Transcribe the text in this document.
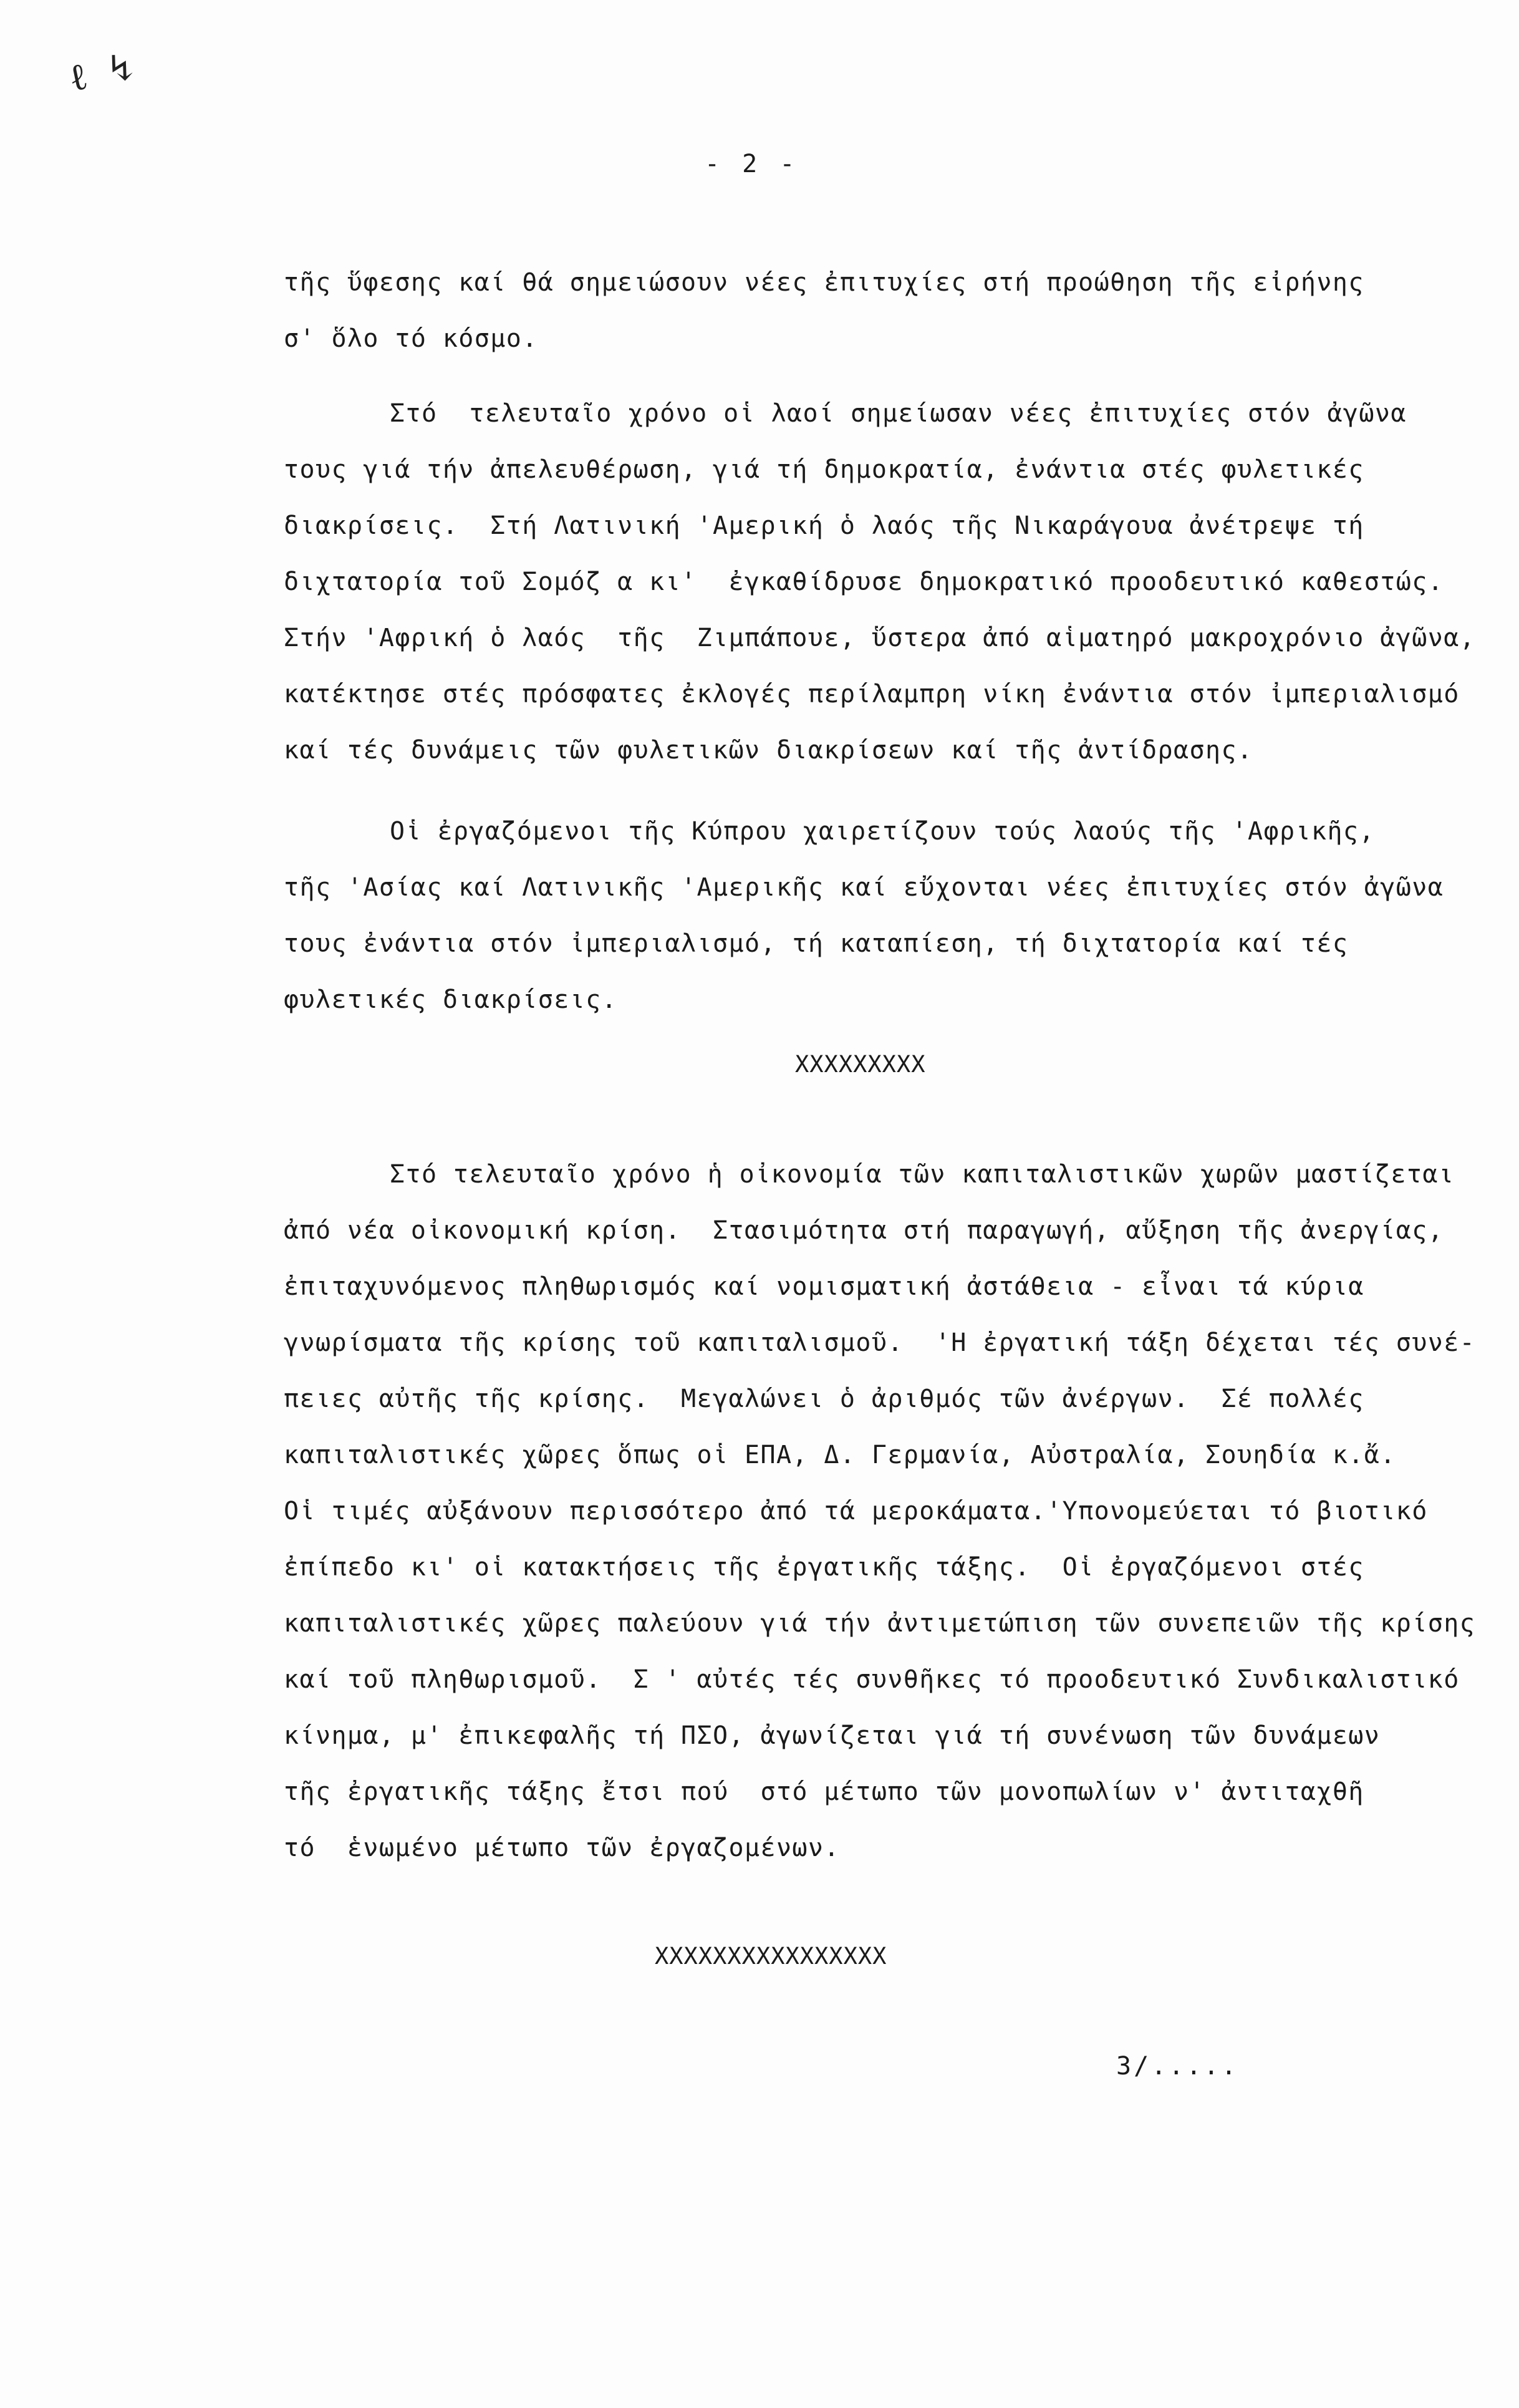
ℓ ↯
- 2 -
τῆς ὕφεσης καί θά σημειώσουν νέες ἐπιτυχίες στή προώθηση τῆς εἰρήνης
σ' ὅλο τό κόσμο.
Στό  τελευταῖο χρόνο οἱ λαοί σημείωσαν νέες ἐπιτυχίες στόν ἀγῶνα
τους γιά τήν ἀπελευθέρωση, γιά τή δημοκρατία, ἐνάντια στές φυλετικές
διακρίσεις.  Στή Λατινική 'Αμερική ὁ λαός τῆς Νικαράγουα ἀνέτρεψε τή
διχτατορία τοῦ Σομόζ α κι'  ἐγκαθίδρυσε δημοκρατικό προοδευτικό καθεστώς.
Στήν 'Αφρική ὁ λαός  τῆς  Ζιμπάπουε, ὕστερα ἀπό αἱματηρό μακροχρόνιο ἀγῶνα,
κατέκτησε στές πρόσφατες ἐκλογές περίλαμπρη νίκη ἐνάντια στόν ἰμπεριαλισμό
καί τές δυνάμεις τῶν φυλετικῶν διακρίσεων καί τῆς ἀντίδρασης.
Οἱ ἐργαζόμενοι τῆς Κύπρου χαιρετίζουν τούς λαούς τῆς 'Αφρικῆς,
τῆς 'Ασίας καί Λατινικῆς 'Αμερικῆς καί εὔχονται νέες ἐπιτυχίες στόν ἀγῶνα
τους ἐνάντια στόν ἰμπεριαλισμό, τή καταπίεση, τή διχτατορία καί τές
φυλετικές διακρίσεις.
XXXXXXXXX
Στό τελευταῖο χρόνο ἡ οἰκονομία τῶν καπιταλιστικῶν χωρῶν μαστίζεται
ἀπό νέα οἰκονομική κρίση.  Στασιμότητα στή παραγωγή, αὔξηση τῆς ἀνεργίας,
ἐπιταχυνόμενος πληθωρισμός καί νομισματική ἀστάθεια - εἶναι τά κύρια
γνωρίσματα τῆς κρίσης τοῦ καπιταλισμοῦ.  'Η ἐργατική τάξη δέχεται τές συνέ-
πειες αὐτῆς τῆς κρίσης.  Μεγαλώνει ὁ ἀριθμός τῶν ἀνέργων.  Σέ πολλές
καπιταλιστικές χῶρες ὅπως οἱ ΕΠΑ, Δ. Γερμανία, Αὐστραλία, Σουηδία κ.ἄ.
Οἱ τιμές αὐξάνουν περισσότερο ἀπό τά μεροκάματα.'Υπονομεύεται τό βιοτικό
ἐπίπεδο κι' οἱ κατακτήσεις τῆς ἐργατικῆς τάξης.  Οἱ ἐργαζόμενοι στές
καπιταλιστικές χῶρες παλεύουν γιά τήν ἀντιμετώπιση τῶν συνεπειῶν τῆς κρίσης
καί τοῦ πληθωρισμοῦ.  Σ ' αὐτές τές συνθῆκες τό προοδευτικό Συνδικαλιστικό
κίνημα, μ' ἐπικεφαλῆς τή ΠΣΟ, ἀγωνίζεται γιά τή συνένωση τῶν δυνάμεων
τῆς ἐργατικῆς τάξης ἔτσι πού  στό μέτωπο τῶν μονοπωλίων ν' ἀντιταχθῆ
τό  ἑνωμένο μέτωπο τῶν ἐργαζομένων.
XXXXXXXXXXXXXXXX
3/.....
